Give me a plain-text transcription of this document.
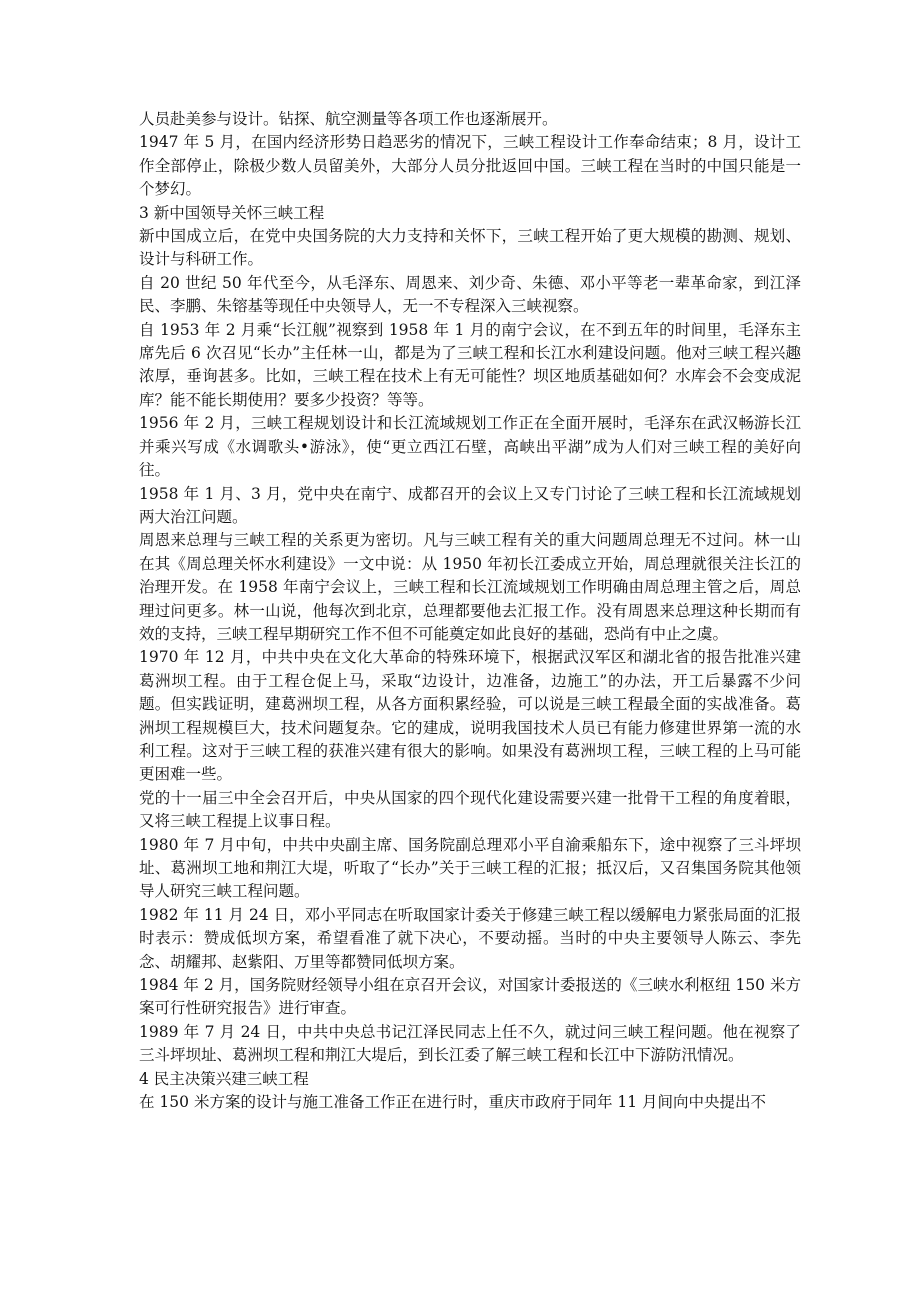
人员赴美参与设计。钻探、航空测量等各项工作也逐渐展开。

1947 年 5 月，在国内经济形势日趋恶劣的情况下，三峡工程设计工作奉命结束；8 月，设计工作全部停止，除极少数人员留美外，大部分人员分批返回中国。三峡工程在当时的中国只能是一个梦幻。

3 新中国领导关怀三峡工程

新中国成立后，在党中央国务院的大力支持和关怀下，三峡工程开始了更大规模的勘测、规划、设计与科研工作。

自 20 世纪 50 年代至今，从毛泽东、周恩来、刘少奇、朱德、邓小平等老一辈革命家，到江泽民、李鹏、朱镕基等现任中央领导人，无一不专程深入三峡视察。

自 1953 年 2 月乘“长江舰”视察到 1958 年 1 月的南宁会议，在不到五年的时间里，毛泽东主席先后 6 次召见“长办”主任林一山，都是为了三峡工程和长江水利建设问题。他对三峡工程兴趣浓厚，垂询甚多。比如，三峡工程在技术上有无可能性？坝区地质基础如何？水库会不会变成泥库？能不能长期使用？要多少投资？等等。

1956 年 2 月，三峡工程规划设计和长江流域规划工作正在全面开展时，毛泽东在武汉畅游长江并乘兴写成《水调歌头•游泳》，使“更立西江石壁，高峡出平湖”成为人们对三峡工程的美好向往。

1958 年 1 月、3 月，党中央在南宁、成都召开的会议上又专门讨论了三峡工程和长江流域规划两大治江问题。

周恩来总理与三峡工程的关系更为密切。凡与三峡工程有关的重大问题周总理无不过问。林一山在其《周总理关怀水利建设》一文中说：从 1950 年初长江委成立开始，周总理就很关注长江的治理开发。在 1958 年南宁会议上，三峡工程和长江流域规划工作明确由周总理主管之后，周总理过问更多。林一山说，他每次到北京，总理都要他去汇报工作。没有周恩来总理这种长期而有效的支持，三峡工程早期研究工作不但不可能奠定如此良好的基础，恐尚有中止之虞。

1970 年 12 月，中共中央在文化大革命的特殊环境下，根据武汉军区和湖北省的报告批准兴建葛洲坝工程。由于工程仓促上马，采取“边设计，边准备，边施工”的办法，开工后暴露不少问题。但实践证明，建葛洲坝工程，从各方面积累经验，可以说是三峡工程最全面的实战准备。葛洲坝工程规模巨大，技术问题复杂。它的建成，说明我国技术人员已有能力修建世界第一流的水利工程。这对于三峡工程的获准兴建有很大的影响。如果没有葛洲坝工程，三峡工程的上马可能更困难一些。

党的十一届三中全会召开后，中央从国家的四个现代化建设需要兴建一批骨干工程的角度着眼，又将三峡工程提上议事日程。

1980 年 7 月中旬，中共中央副主席、国务院副总理邓小平自渝乘船东下，途中视察了三斗坪坝址、葛洲坝工地和荆江大堤，听取了“长办”关于三峡工程的汇报；抵汉后，又召集国务院其他领导人研究三峡工程问题。

1982 年 11 月 24 日，邓小平同志在听取国家计委关于修建三峡工程以缓解电力紧张局面的汇报时表示：赞成低坝方案，希望看准了就下决心，不要动摇。当时的中央主要领导人陈云、李先念、胡耀邦、赵紫阳、万里等都赞同低坝方案。

1984 年 2 月，国务院财经领导小组在京召开会议，对国家计委报送的《三峡水利枢纽 150 米方案可行性研究报告》进行审查。

1989 年 7 月 24 日，中共中央总书记江泽民同志上任不久，就过问三峡工程问题。他在视察了三斗坪坝址、葛洲坝工程和荆江大堤后，到长江委了解三峡工程和长江中下游防汛情况。

4 民主决策兴建三峡工程

在 150 米方案的设计与施工准备工作正在进行时，重庆市政府于同年 11 月间向中央提出不
